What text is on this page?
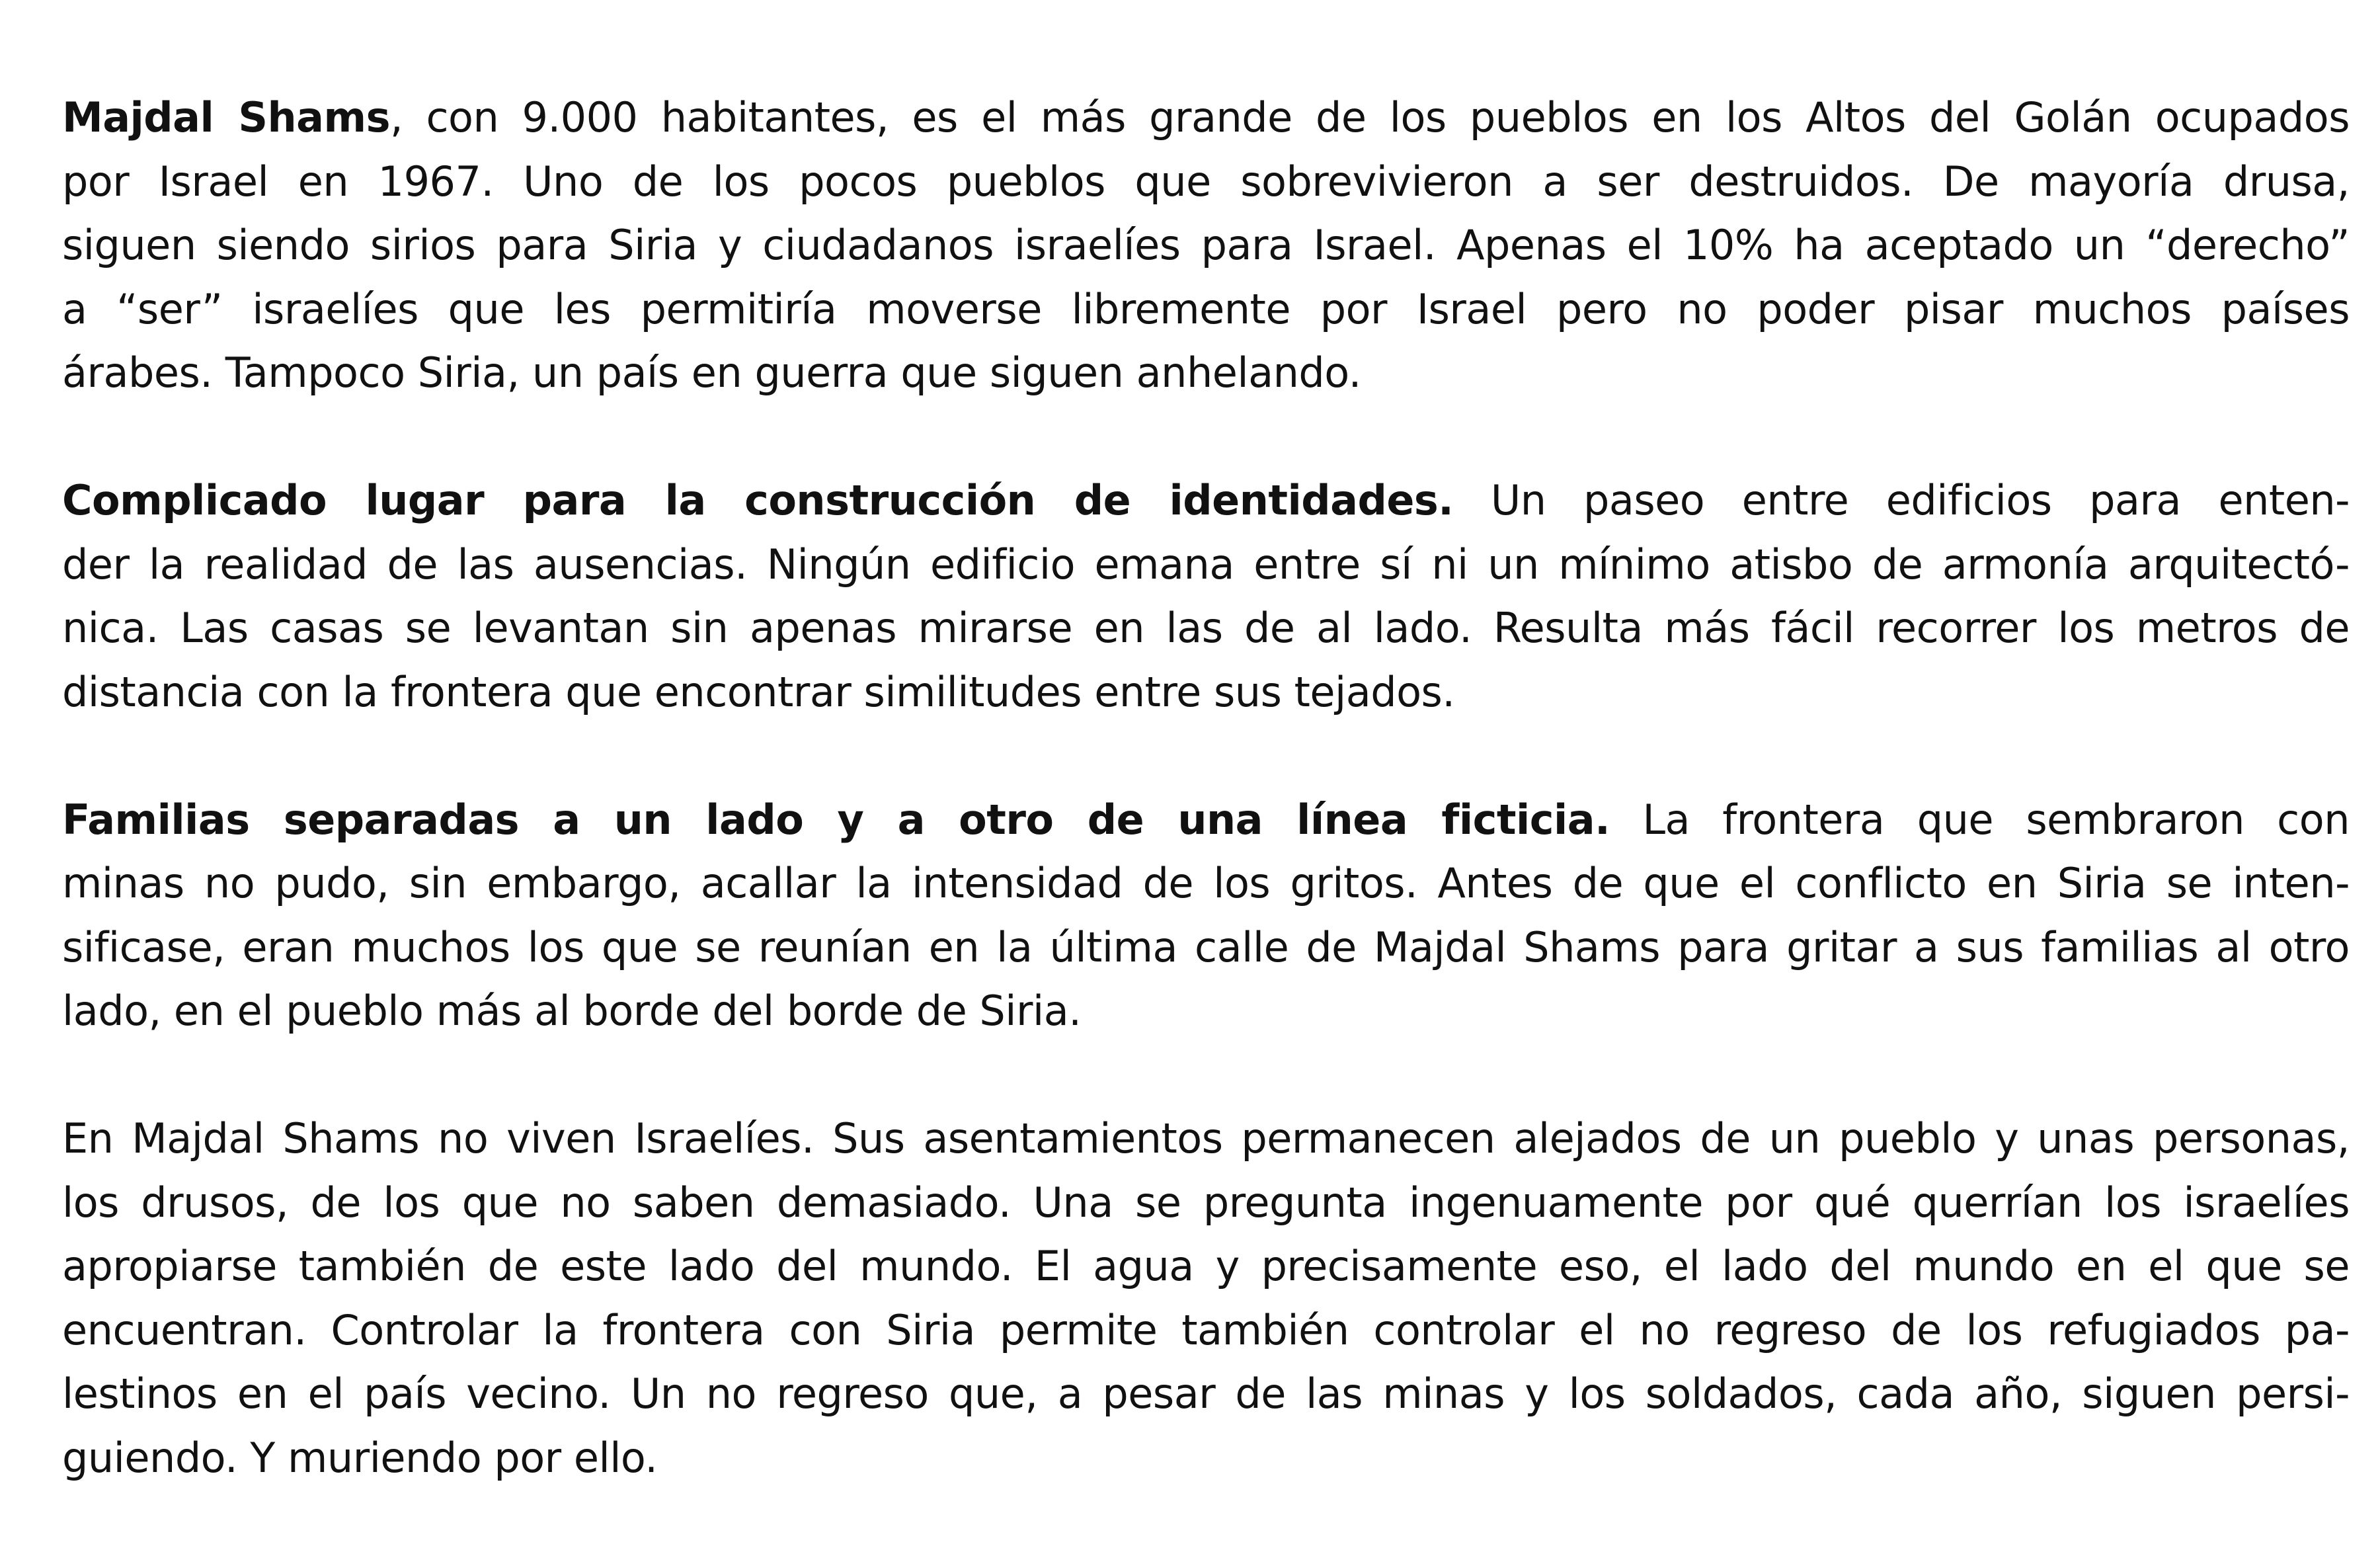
Majdal Shams, con 9.000 habitantes, es el más grande de los pueblos en los Altos del Golán ocupados
por Israel en 1967. Uno de los pocos pueblos que sobrevivieron a ser destruidos. De mayoría drusa,
siguen siendo sirios para Siria y ciudadanos israelíes para Israel. Apenas el 10% ha aceptado un “derecho”
a “ser” israelíes que les permitiría moverse libremente por Israel pero no poder pisar muchos países
árabes. Tampoco Siria, un país en guerra que siguen anhelando.

Complicado lugar para la construcción de identidades. Un paseo entre edificios para enten-
der la realidad de las ausencias. Ningún edificio emana entre sí ni un mínimo atisbo de armonía arquitectó-
nica. Las casas se levantan sin apenas mirarse en las de al lado. Resulta más fácil recorrer los metros de
distancia con la frontera que encontrar similitudes entre sus tejados.

Familias separadas a un lado y a otro de una línea ficticia. La frontera que sembraron con
minas no pudo, sin embargo, acallar la intensidad de los gritos. Antes de que el conflicto en Siria se inten-
sificase, eran muchos los que se reunían en la última calle de Majdal Shams para gritar a sus familias al otro
lado, en el pueblo más al borde del borde de Siria.

En Majdal Shams no viven Israelíes. Sus asentamientos permanecen alejados de un pueblo y unas personas,
los drusos, de los que no saben demasiado. Una se pregunta ingenuamente por qué querrían los israelíes
apropiarse también de este lado del mundo. El agua y precisamente eso, el lado del mundo en el que se
encuentran. Controlar la frontera con Siria permite también controlar el no regreso de los refugiados pa-
lestinos en el país vecino. Un no regreso que, a pesar de las minas y los soldados, cada año, siguen persi-
guiendo. Y muriendo por ello.
